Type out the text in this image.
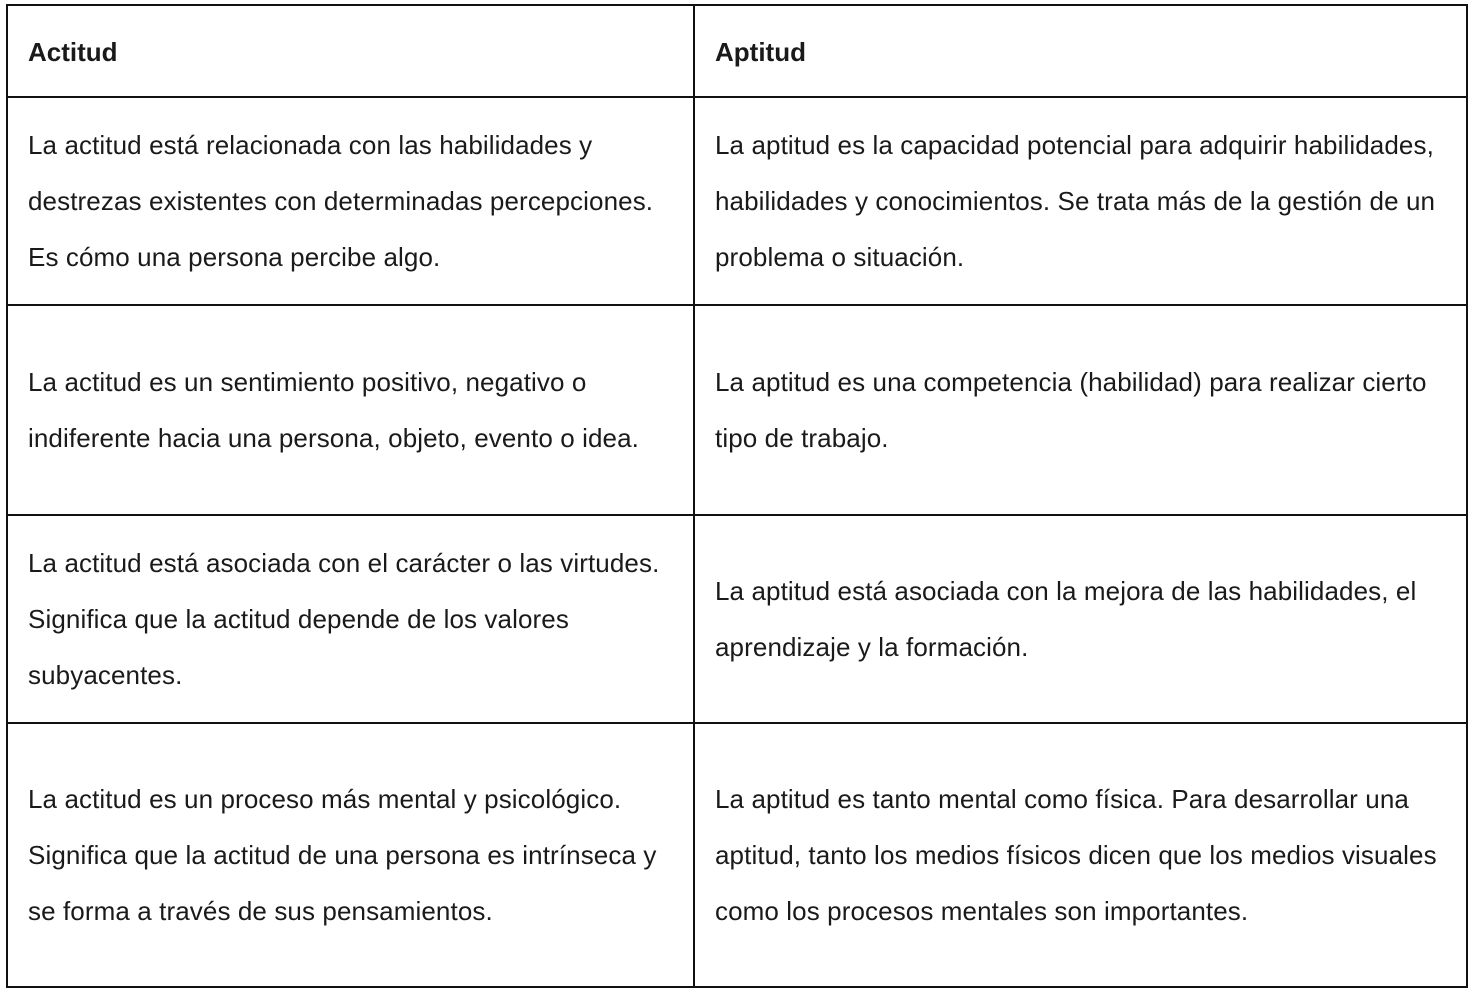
Actitud	Aptitud
La actitud está relacionada con las habilidades y destrezas existentes con determinadas percepciones. Es cómo una persona percibe algo.	La aptitud es la capacidad potencial para adquirir habilidades, habilidades y conocimientos. Se trata más de la gestión de un problema o situación.
La actitud es un sentimiento positivo, negativo o indiferente hacia una persona, objeto, evento o idea.	La aptitud es una competencia (habilidad) para realizar cierto tipo de trabajo.
La actitud está asociada con el carácter o las virtudes. Significa que la actitud depende de los valores subyacentes.	La aptitud está asociada con la mejora de las habilidades, el aprendizaje y la formación.
La actitud es un proceso más mental y psicológico. Significa que la actitud de una persona es intrínseca y se forma a través de sus pensamientos.	La aptitud es tanto mental como física. Para desarrollar una aptitud, tanto los medios físicos dicen que los medios visuales como los procesos mentales son importantes.
